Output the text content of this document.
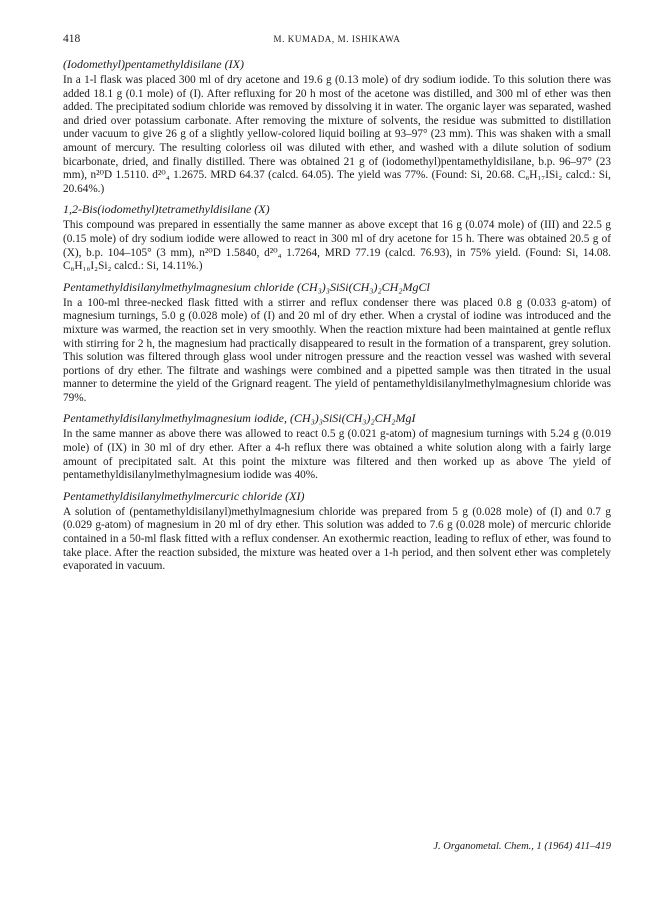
418	M. KUMADA, M. ISHIKAWA

(Iodomethyl)pentamethyldisilane (IX)

In a 1-l flask was placed 300 ml of dry acetone and 19.6 g (0.13 mole) of dry sodium iodide. To this solution there was added 18.1 g (0.1 mole) of (I). After refluxing for 20 h most of the acetone was distilled, and 300 ml of ether was then added. The precipitated sodium chloride was removed by dissolving it in water. The organic layer was separated, washed and dried over potassium carbonate. After removing the mixture of solvents, the residue was submitted to distillation under vacuum to give 26 g of a slightly yellow-colored liquid boiling at 93–97° (23 mm). This was shaken with a small amount of mercury. The resulting colorless oil was diluted with ether, and washed with a dilute solution of sodium bicarbonate, dried, and finally distilled. There was obtained 21 g of (iodomethyl)pentamethyldisilane, b.p. 96–97° (23 mm), n²⁰D 1.5110. d²⁰₄ 1.2675. MRD 64.37 (calcd. 64.05). The yield was 77%. (Found: Si, 20.68. C₆H₁₇ISi₂ calcd.: Si, 20.64%.)

1,2-Bis(iodomethyl)tetramethyldisilane (X)

This compound was prepared in essentially the same manner as above except that 16 g (0.074 mole) of (III) and 22.5 g (0.15 mole) of dry sodium iodide were allowed to react in 300 ml of dry acetone for 15 h. There was obtained 20.5 g of (X), b.p. 104–105° (3 mm), n²⁰D 1.5840, d²⁰₄ 1.7264, MRD 77.19 (calcd. 76.93), in 75% yield. (Found: Si, 14.08. C₆H₁₆I₂Si₂ calcd.: Si, 14.11%.)

Pentamethyldisilanylmethylmagnesium chloride (CH₃)₃SiSi(CH₃)₂CH₂MgCl

In a 100-ml three-necked flask fitted with a stirrer and reflux condenser there was placed 0.8 g (0.033 g-atom) of magnesium turnings, 5.0 g (0.028 mole) of (I) and 20 ml of dry ether. When a crystal of iodine was introduced and the mixture was warmed, the reaction set in very smoothly. When the reaction mixture had been maintained at gentle reflux with stirring for 2 h, the magnesium had practically disappeared to result in the formation of a transparent, grey solution. This solution was filtered through glass wool under nitrogen pressure and the reaction vessel was washed with several portions of dry ether. The filtrate and washings were combined and a pipetted sample was then titrated in the usual manner to determine the yield of the Grignard reagent. The yield of pentamethyldisilanylmethylmagnesium chloride was 79%.

Pentamethyldisilanylmethylmagnesium iodide, (CH₃)₃SiSi(CH₃)₂CH₂MgI

In the same manner as above there was allowed to react 0.5 g (0.021 g-atom) of magnesium turnings with 5.24 g (0.019 mole) of (IX) in 30 ml of dry ether. After a 4-h reflux there was obtained a white solution along with a fairly large amount of precipitated salt. At this point the mixture was filtered and then worked up as above The yield of pentamethyldisilanylmethylmagnesium iodide was 40%.

Pentamethyldisilanylmethylmercuric chloride (XI)

A solution of (pentamethyldisilanyl)methylmagnesium chloride was prepared from 5 g (0.028 mole) of (I) and 0.7 g (0.029 g-atom) of magnesium in 20 ml of dry ether. This solution was added to 7.6 g (0.028 mole) of mercuric chloride contained in a 50-ml flask fitted with a reflux condenser. An exothermic reaction, leading to reflux of ether, was found to take place. After the reaction subsided, the mixture was heated over a 1-h period, and then solvent ether was completely evaporated in vacuum.

J. Organometal. Chem., 1 (1964) 411–419
